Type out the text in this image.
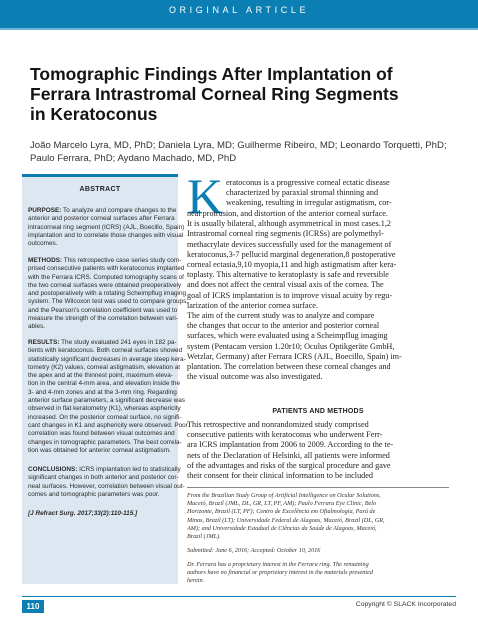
ORIGINAL ARTICLE
Tomographic Findings After Implantation of
Ferrara Intrastromal Corneal Ring Segments
in Keratoconus
João Marcelo Lyra, MD, PhD; Daniela Lyra, MD; Guilherme Ribeiro, MD; Leonardo Torquetti, PhD;
Paulo Ferrara, PhD; Aydano Machado, MD, PhD
ABSTRACT
PURPOSE: To analyze and compare changes to the
anterior and posterior corneal surfaces after Ferrara
intracorneal ring segment (ICRS) (AJL, Boecillo, Spain)
implantation and to correlate those changes with visual
outcomes.
METHODS: This retrospective case series study com-
prised consecutive patients with keratoconus implanted
with the Ferrara ICRS. Computed tomography scans of
the two corneal surfaces were obtained preoperatively
and postoperatively with a rotating Scheimpflug imaging
system. The Wilcoxon test was used to compare groups,
and the Pearson’s correlation coefficient was used to
measure the strength of the correlation between vari-
ables.
RESULTS: The study evaluated 241 eyes in 182 pa-
tients with keratoconus. Both corneal surfaces showed
statistically significant decreases in average steep kera-
tometry (K2) values, corneal astigmatism, elevation at
the apex and at the thinnest point, maximum eleva-
tion in the central 4-mm area, and elevation inside the
3- and 4-mm zones and at the 3-mm ring. Regarding
anterior surface parameters, a significant decrease was
observed in flat keratometry (K1), whereas asphericity
increased. On the posterior corneal surface, no signifi-
cant changes in K1 and asphericity were observed. Poor
correlation was found between visual outcomes and
changes in tomographic parameters. The best correla-
tion was obtained for anterior corneal astigmatism.
CONCLUSIONS: ICRS implantation led to statistically
significant changes in both anterior and posterior cor-
neal surfaces. However, correlation between visual out-
comes and tomographic parameters was poor.
[J Refract Surg. 2017;33(2):110-115.]
K eratoconus is a progressive corneal ectatic disease
characterized by paraxial stromal thinning and
weakening, resulting in irregular astigmatism, cor-
neal protrusion, and distortion of the anterior corneal surface.
It is usually bilateral, although asymmetrical in most cases.1,2
Intrastromal corneal ring segments (ICRSs) are polymethyl-
methacrylate devices successfully used for the management of
keratoconus,3-7 pellucid marginal degeneration,8 postoperative
corneal ectasia,9,10 myopia,11 and high astigmatism after kera-
toplasty. This alternative to keratoplasty is safe and reversible
and does not affect the central visual axis of the cornea. The
goal of ICRS implantation is to improve visual acuity by regu-
larization of the anterior cornea surface.
The aim of the current study was to analyze and compare
the changes that occur to the anterior and posterior corneal
surfaces, which were evaluated using a Scheimpflug imaging
system (Pentacam version 1.20r10; Oculus Optikgeräte GmbH,
Wetzlar, Germany) after Ferrara ICRS (AJL, Boecillo, Spain) im-
plantation. The correlation between these corneal changes and
the visual outcome was also investigated.
PATIENTS AND METHODS
This retrospective and nonrandomized study comprised
consecutive patients with keratoconus who underwent Ferr-
ara ICRS implantation from 2006 to 2009. According to the te-
nets of the Declaration of Helsinki, all patients were informed
of the advantages and risks of the surgical procedure and gave
their consent for their clinical information to be included
From the Brazilian Study Group of Artificial Intelligence on Ocular Solutions,
Maceió, Brazil (JML, DL, GR, LT, PF, AM); Paulo Ferrara Eye Clinic, Belo
Horizonte, Brazil (LT, PF); Centro de Excelência em Oftalmologia, Pará de
Minas, Brazil (LT); Universidade Federal de Alagoas, Maceió, Brazil (DL, GR,
AM); and Universidade Estadual de Ciências da Saúde de Alagoas, Maceió,
Brazil (JML).
Submitted: June 6, 2016; Accepted: October 10, 2016
Dr. Ferrara has a proprietary interest in the Ferrara ring. The remaining
authors have no financial or proprietary interest in the materials presented
herein.
110	Copyright © SLACK Incorporated
